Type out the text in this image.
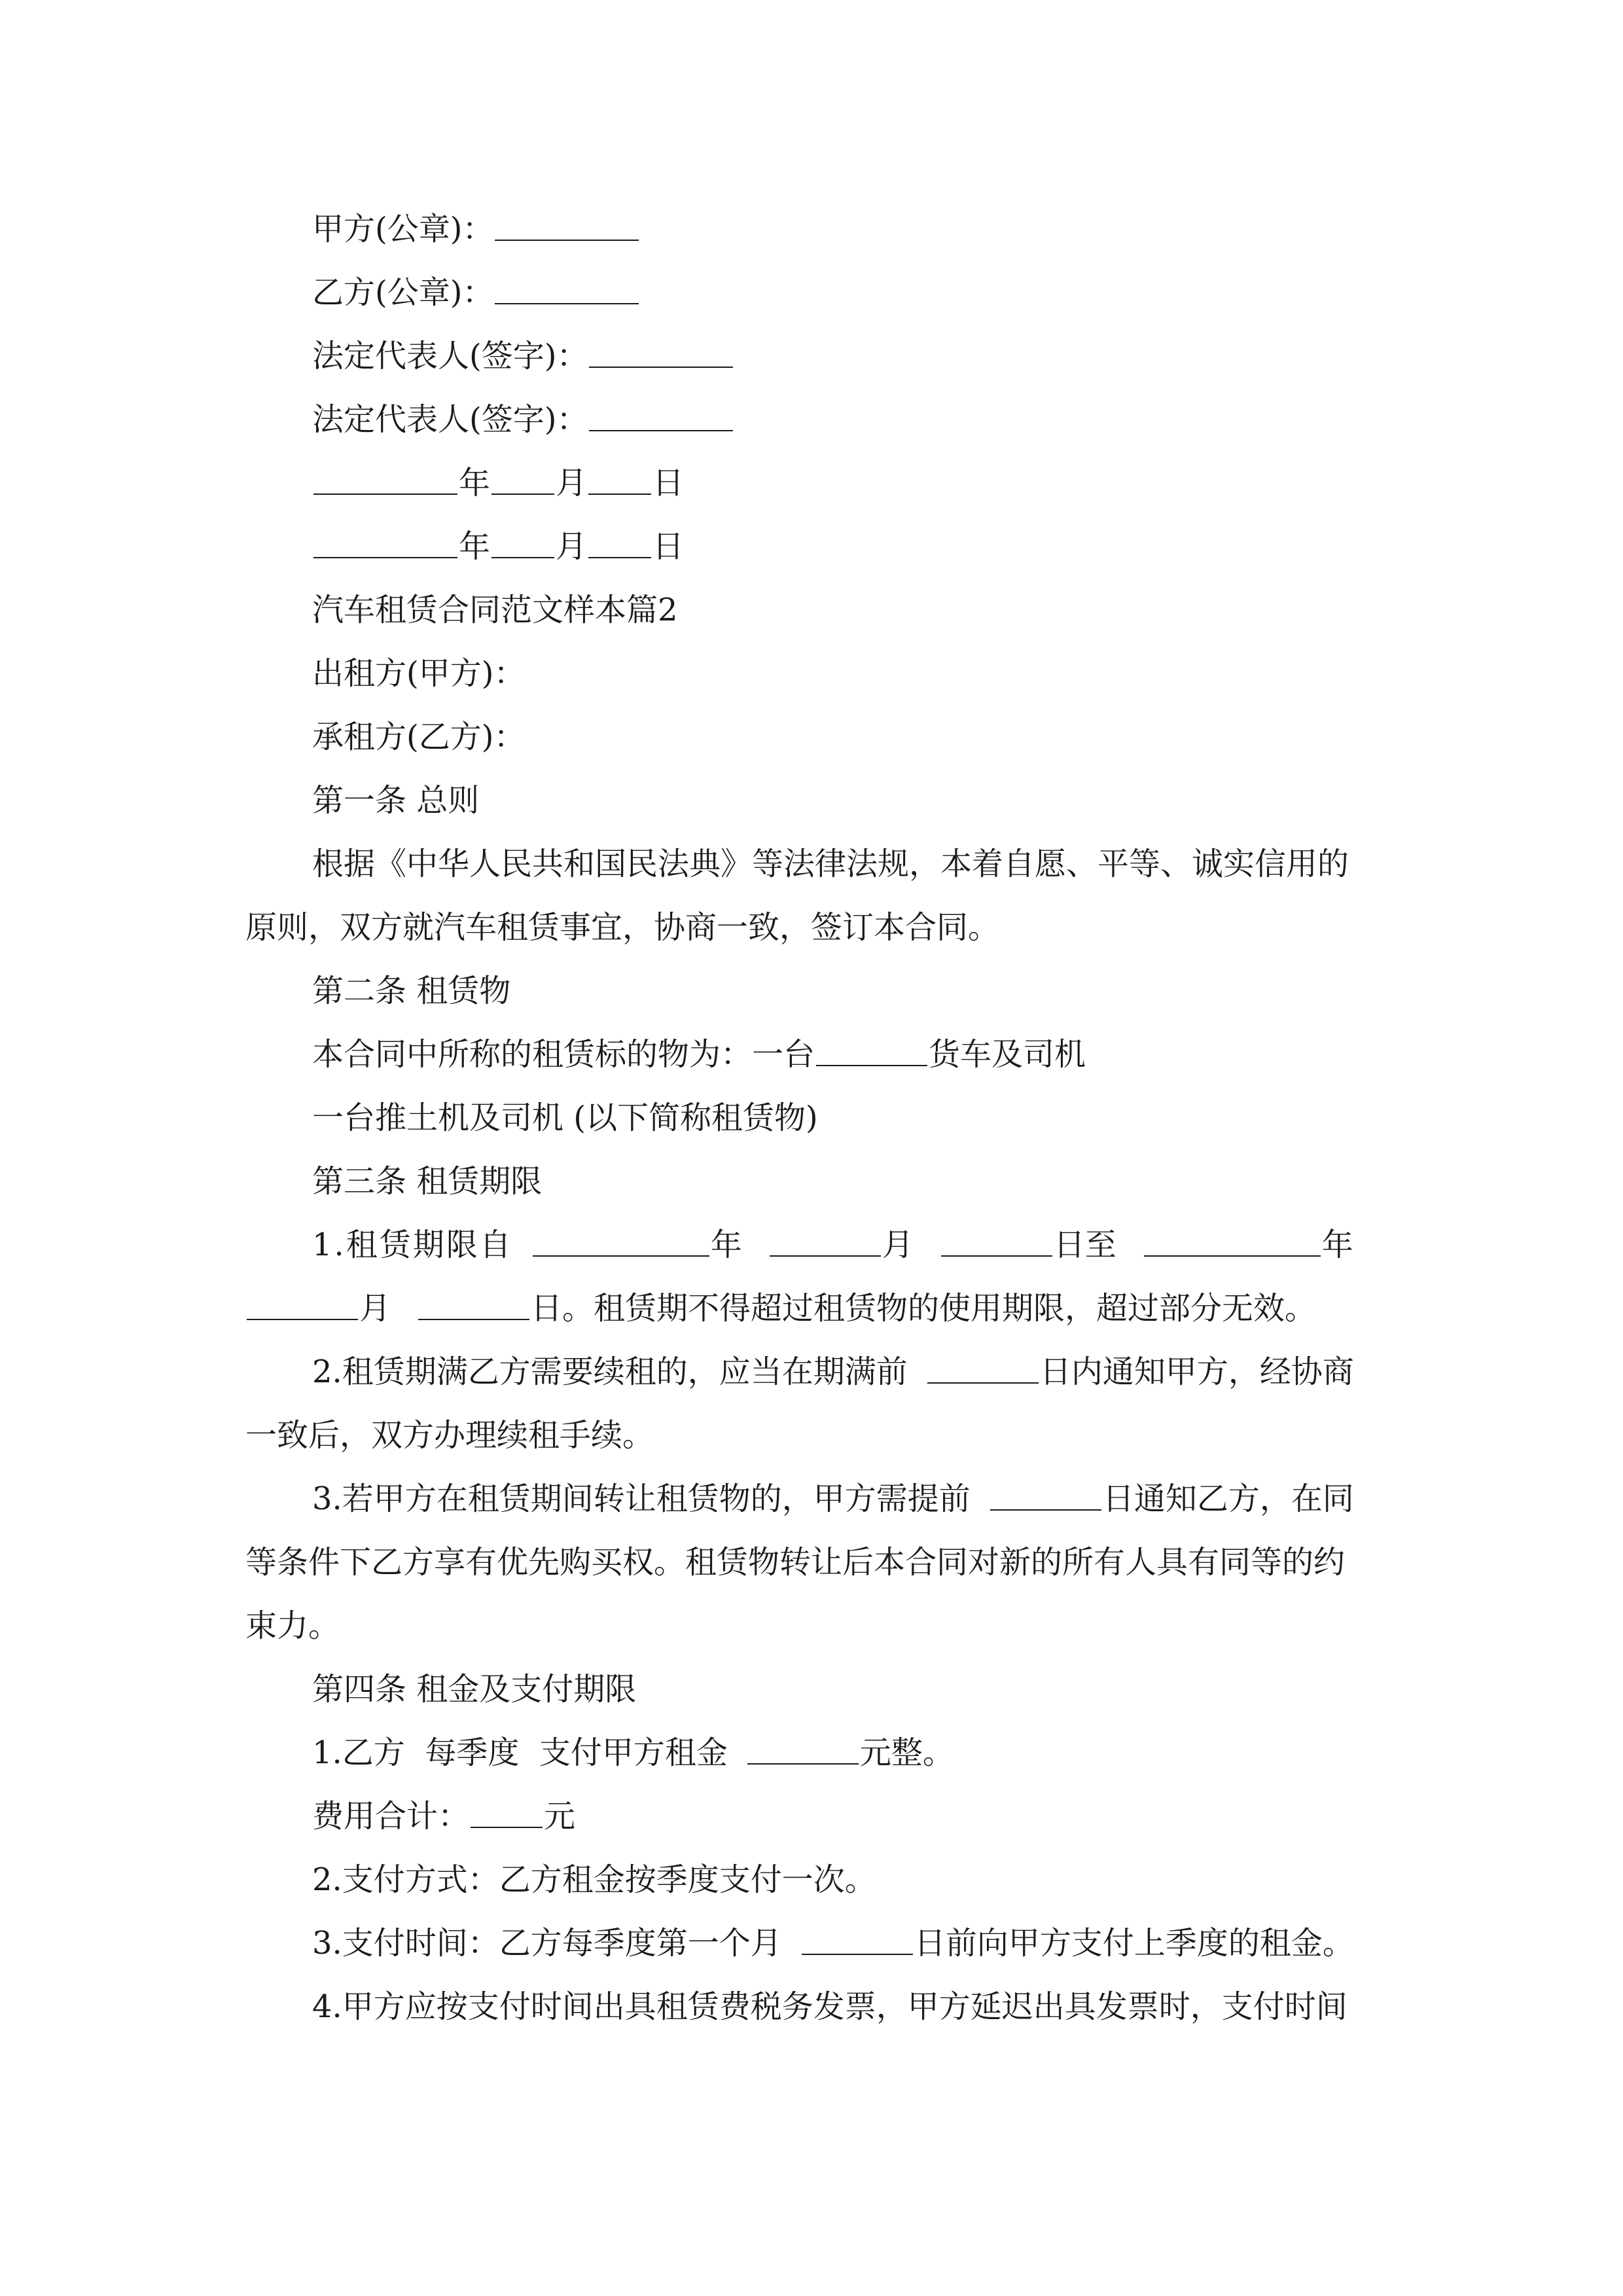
甲方(公章)：
乙方(公章)：
法定代表人(签字)：
法定代表人(签字)：
年 月 日
年 月 日
汽车租赁合同范文样本篇2
出租方(甲方)：
承租方(乙方)：
第一条 总则
根据《中华人民共和国民法典》等法律法规，本着自愿、平等、诚实信用的
原则，双方就汽车租赁事宜，协商一致，签订本合同。
第二条 租赁物
本合同中所称的租赁标的物为：一台	货车及司机
一台推土机及司机 (以下简称租赁物)
第三条 租赁期限
1.租赁期限自	年	月	日至	年
月	日。租赁期不得超过租赁物的使用期限，超过部分无效。
2.租赁期满乙方需要续租的，应当在期满前	日内通知甲方，经协商
一致后，双方办理续租手续。
3.若甲方在租赁期间转让租赁物的，甲方需提前	日通知乙方，在同
等条件下乙方享有优先购买权。租赁物转让后本合同对新的所有人具有同等的约
束力。
第四条 租金及支付期限
1.乙方  每季度  支付甲方租金	元整。
费用合计： 元
2.支付方式：乙方租金按季度支付一次。
3.支付时间：乙方每季度第一个月	日前向甲方支付上季度的租金。
4.甲方应按支付时间出具租赁费税务发票，甲方延迟出具发票时，支付时间
